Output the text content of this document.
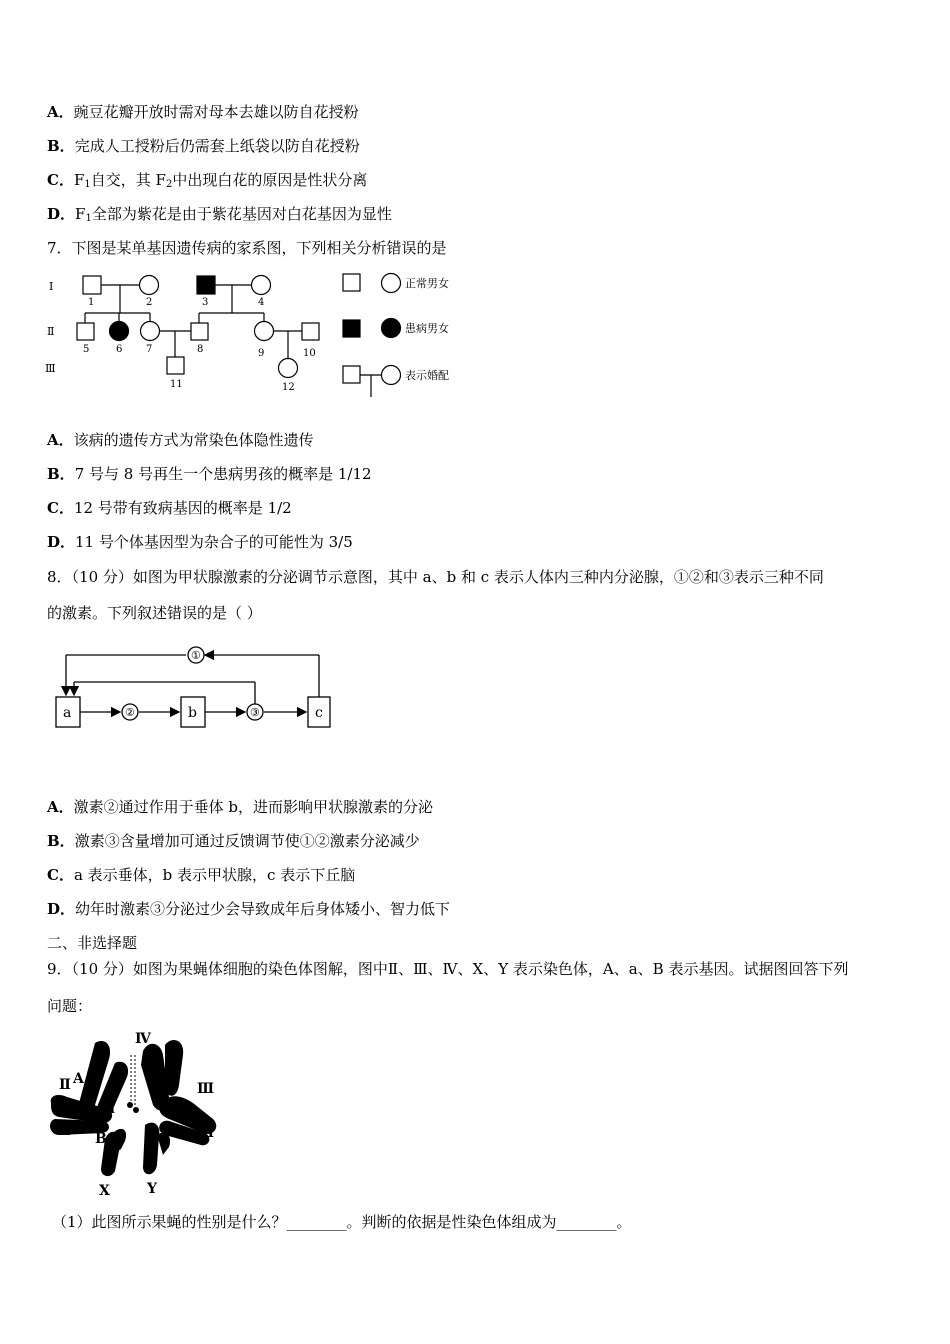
A．豌豆花瓣开放时需对母本去雄以防自花授粉
B．完成人工授粉后仍需套上纸袋以防自花授粉
C．$F_1$自交，其 $F_2$中出现白花的原因是性状分离
D．$F_1$全部为紫花是由于紫花基因对白花基因为显性
7．下图是某单基因遗传病的家系图，下列相关分析错误的是
Ⅰ
Ⅱ
Ⅲ
1	2	3	4
5	6 7	8	9	10
11	12
正常男女
患病男女
表示婚配
A．该病的遗传方式为常染色体隐性遗传
B．7 号与 8 号再生一个患病男孩的概率是 1/12
C．12 号带有致病基因的概率是 1/2
D．11 号个体基因型为杂合子的可能性为 3/5
8．（10 分）如图为甲状腺激素的分泌调节示意图，其中 a、b 和 c 表示人体内三种内分泌腺，①②和③表示三种不同
的激素。下列叙述错误的是（ ）
a	b	c
A．激素②通过作用于垂体 b，进而影响甲状腺激素的分泌
B．激素③含量增加可通过反馈调节使①②激素分泌减少
C．a 表示垂体，b 表示甲状腺，c 表示下丘脑
D．幼年时激素③分泌过少会导致成年后身体矮小、智力低下
二、非选择题
9．（10 分）如图为果蝇体细胞的染色体图解，图中Ⅱ、Ⅲ、Ⅳ、X、Y 表示染色体，A、a、B 表示基因。试据图回答下列
问题：
Ⅳ
Ⅱ
Ⅱ
Ⅲ
Ⅲ
A
a
B
X	Y
（1）此图所示果蝇的性别是什么？________。判断的依据是性染色体组成为________。
①
②	③
